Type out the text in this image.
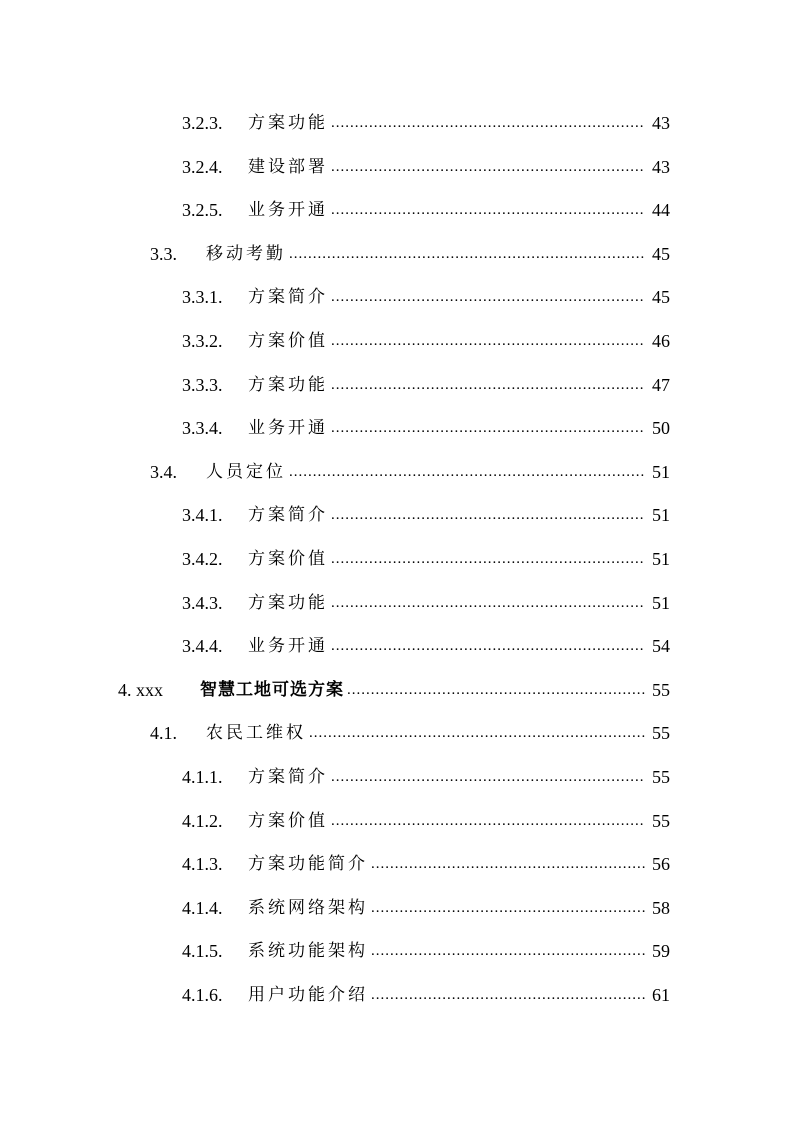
3.2.3.	方案功能 .....	43
3.2.4.	建设部署 .....	43
3.2.5.	业务开通 .....	44
3.3.	移动考勤 .....	45
3.3.1.	方案简介 .....	45
3.3.2.	方案价值 .....	46
3.3.3.	方案功能 .....	47
3.3.4.	业务开通 .....	50
3.4.	人员定位 .....	51
3.4.1.	方案简介 .....	51
3.4.2.	方案价值 .....	51
3.4.3.	方案功能 .....	51
3.4.4.	业务开通 .....	54
4. xxx	智慧工地可选方案 .....	55
4.1.	农民工维权 .....	55
4.1.1.	方案简介 .....	55
4.1.2.	方案价值 .....	55
4.1.3.	方案功能简介 .....	56
4.1.4.	系统网络架构 .....	58
4.1.5.	系统功能架构 .....	59
4.1.6.	用户功能介绍 .....	61
